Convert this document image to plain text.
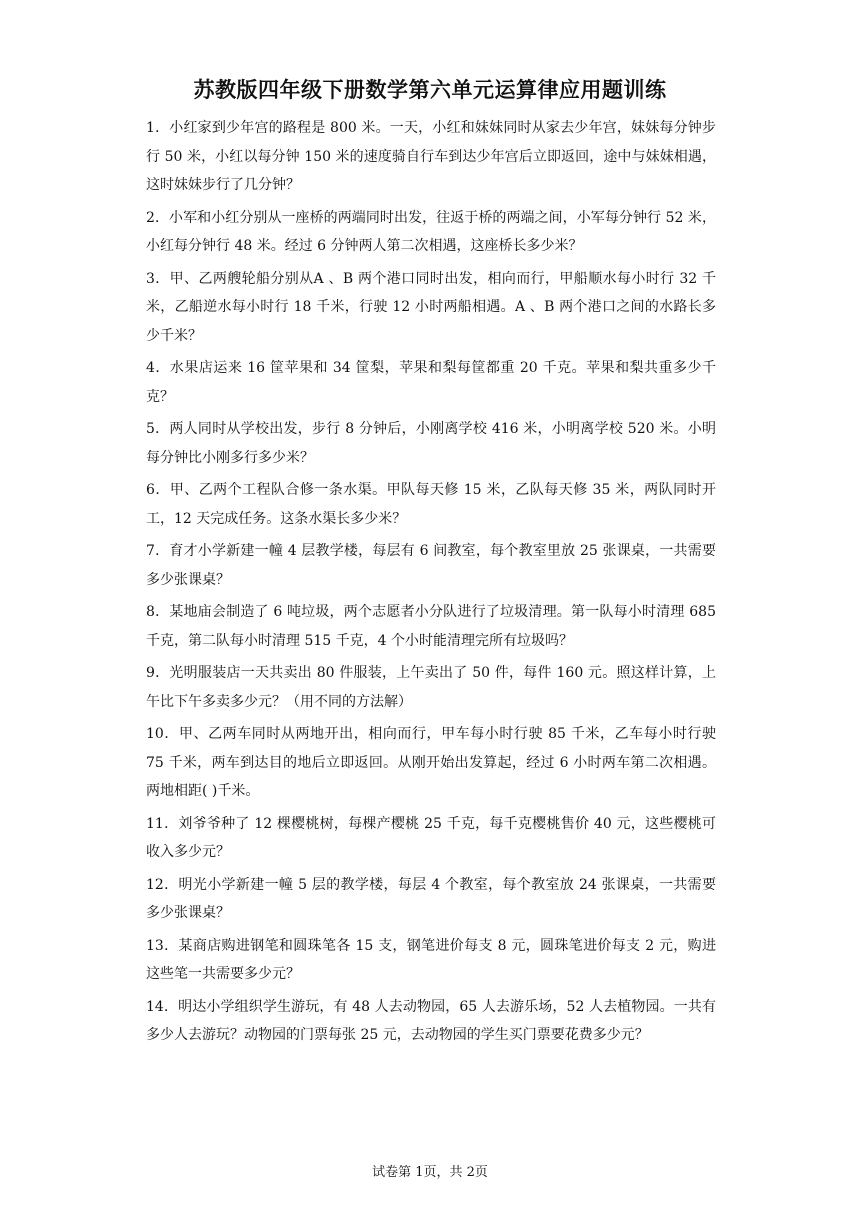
苏教版四年级下册数学第六单元运算律应用题训练

1．小红家到少年宫的路程是 800 米。一天，小红和妹妹同时从家去少年宫，妹妹每分钟步行 50 米，小红以每分钟 150 米的速度骑自行车到达少年宫后立即返回，途中与妹妹相遇，这时妹妹步行了几分钟？

2．小军和小红分别从一座桥的两端同时出发，往返于桥的两端之间，小军每分钟行 52 米，小红每分钟行 48 米。经过 6 分钟两人第二次相遇，这座桥长多少米？

3．甲、乙两艘轮船分别从A 、B 两个港口同时出发，相向而行，甲船顺水每小时行 32 千米，乙船逆水每小时行 18 千米，行驶 12 小时两船相遇。A 、B 两个港口之间的水路长多少千米？

4．水果店运来 16 筐苹果和 34 筐梨，苹果和梨每筐都重 20 千克。苹果和梨共重多少千克？

5．两人同时从学校出发，步行 8 分钟后，小刚离学校 416 米，小明离学校 520 米。小明每分钟比小刚多行多少米？

6．甲、乙两个工程队合修一条水渠。甲队每天修 15 米，乙队每天修 35 米，两队同时开工，12 天完成任务。这条水渠长多少米？

7．育才小学新建一幢 4 层教学楼，每层有 6 间教室，每个教室里放 25 张课桌，一共需要多少张课桌？

8．某地庙会制造了 6 吨垃圾，两个志愿者小分队进行了垃圾清理。第一队每小时清理 685 千克，第二队每小时清理 515 千克，4 个小时能清理完所有垃圾吗？

9．光明服装店一天共卖出 80 件服装，上午卖出了 50 件，每件 160 元。照这样计算，上午比下午多卖多少元？（用不同的方法解）

10．甲、乙两车同时从两地开出，相向而行，甲车每小时行驶 85 千米，乙车每小时行驶 75 千米，两车到达目的地后立即返回。从刚开始出发算起，经过 6 小时两车第二次相遇。两地相距( )千米。

11．刘爷爷种了 12 棵樱桃树，每棵产樱桃 25 千克，每千克樱桃售价 40 元，这些樱桃可收入多少元？

12．明光小学新建一幢 5 层的教学楼，每层 4 个教室，每个教室放 24 张课桌，一共需要多少张课桌？

13．某商店购进钢笔和圆珠笔各 15 支，钢笔进价每支 8 元，圆珠笔进价每支 2 元，购进这些笔一共需要多少元？

14．明达小学组织学生游玩，有 48 人去动物园，65 人去游乐场，52 人去植物园。一共有多少人去游玩？动物园的门票每张 25 元，去动物园的学生买门票要花费多少元？

试卷第 1页，共 2页
